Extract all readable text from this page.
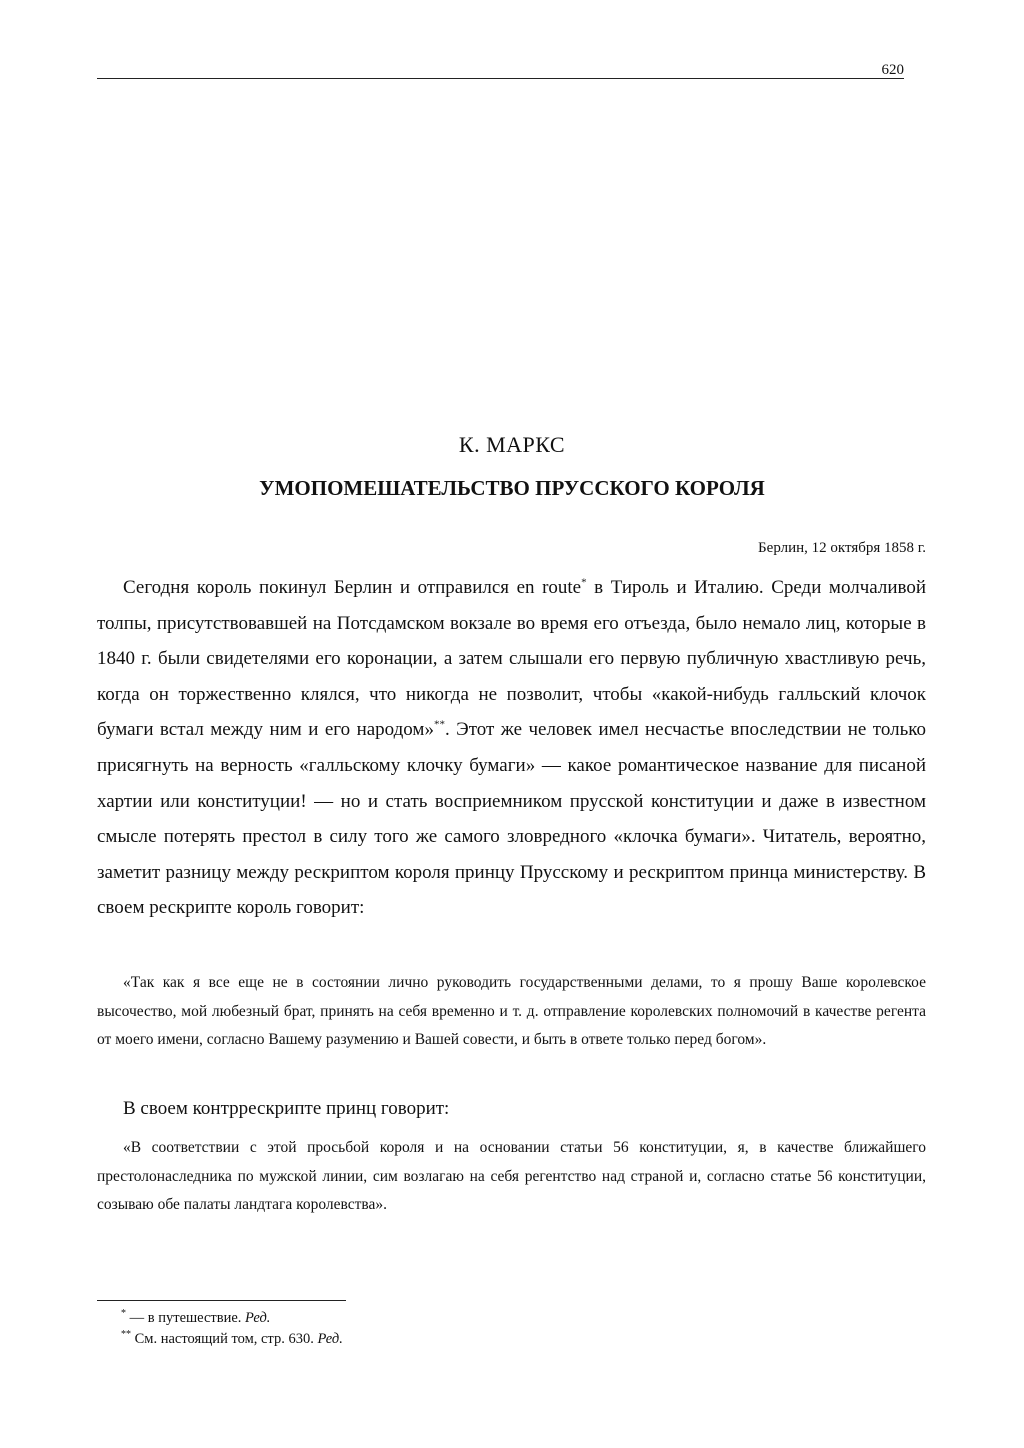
620
К. МАРКС
УМОПОМЕШАТЕЛЬСТВО ПРУССКОГО КОРОЛЯ
Берлин, 12 октября 1858 г.

Сегодня король покинул Берлин и отправился en route* в Тироль и Италию. Среди молчаливой толпы, присутствовавшей на Потсдамском вокзале во время его отъезда, было немало лиц, которые в 1840 г. были свидетелями его коронации, а затем слышали его первую публичную хвастливую речь, когда он торжественно клялся, что никогда не позволит, чтобы «какой-нибудь галльский клочок бумаги встал между ним и его народом»**. Этот же человек имел несчастье впоследствии не только присягнуть на верность «галльскому клочку бумаги» — какое романтическое название для писаной хартии или конституции! — но и стать восприемником прусской конституции и даже в известном смысле потерять престол в силу того же самого зловредного «клочка бумаги». Читатель, вероятно, заметит разницу между рескриптом короля принцу Прусскому и рескриптом принца министерству. В своем рескрипте король говорит:

«Так как я все еще не в состоянии лично руководить государственными делами, то я прошу Ваше королевское высочество, мой любезный брат, принять на себя временно и т. д. отправление королевских полномочий в качестве регента от моего имени, согласно Вашему разумению и Вашей совести, и быть в ответе только перед богом».

В своем контррескрипте принц говорит:

«В соответствии с этой просьбой короля и на основании статьи 56 конституции, я, в качестве ближайшего престолонаследника по мужской линии, сим возлагаю на себя регентство над страной и, согласно статье 56 конституции, созываю обе палаты ландтага королевства».

* — в путешествие. Ред.
** См. настоящий том, стр. 630. Ред.
